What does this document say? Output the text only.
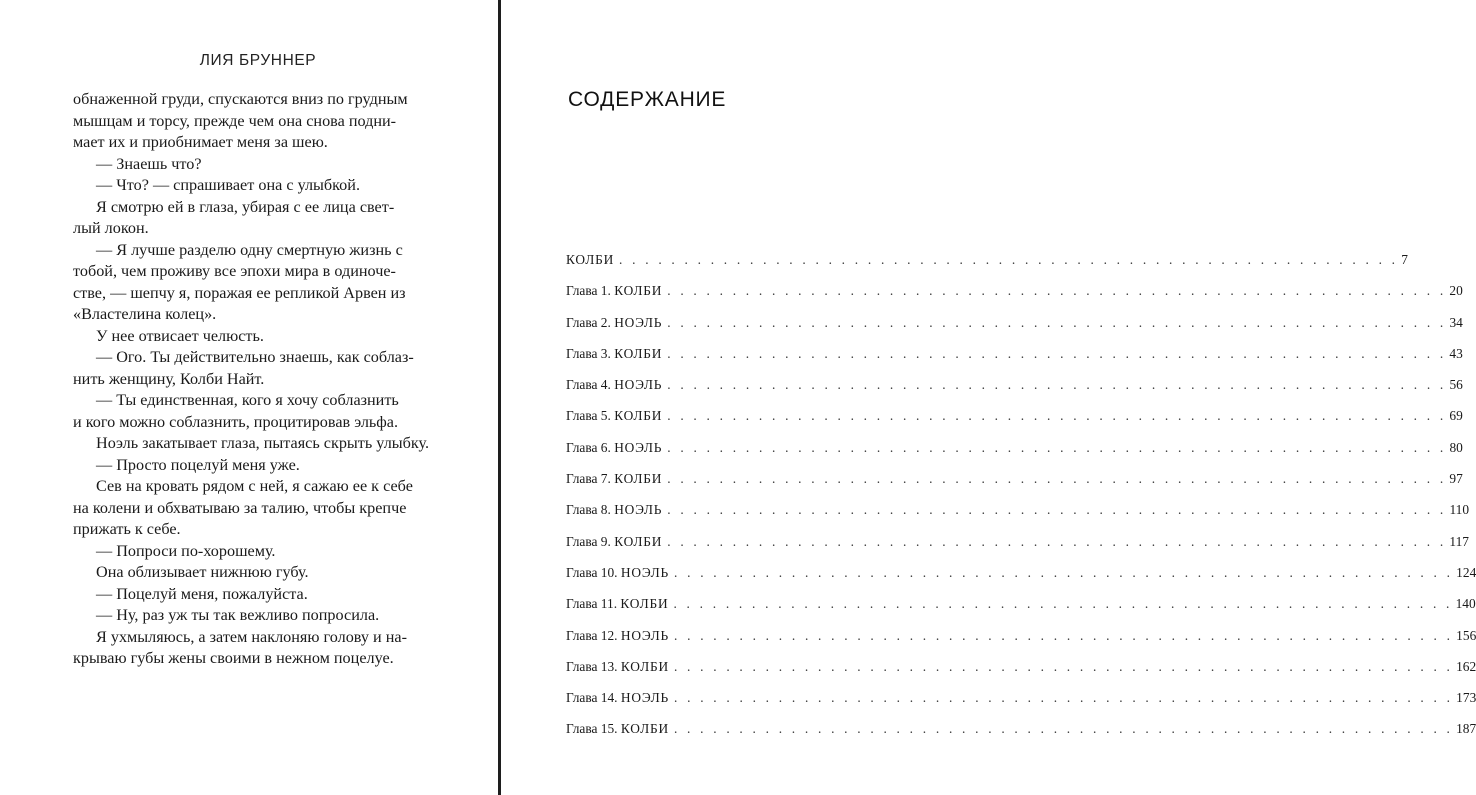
ЛИЯ БРУННЕР
обнаженной груди, спускаются вниз по грудным
мышцам и торсу, прежде чем она снова подни-
мает их и приобнимает меня за шею.
— Знаешь что?
— Что? — спрашивает она с улыбкой.
Я смотрю ей в глаза, убирая с ее лица свет-
лый локон.
— Я лучше разделю одну смертную жизнь с
тобой, чем проживу все эпохи мира в одиноче-
стве, — шепчу я, поражая ее репликой Арвен из
«Властелина колец».
У нее отвисает челюсть.
— Ого. Ты действительно знаешь, как соблаз-
нить женщину, Колби Найт.
— Ты единственная, кого я хочу соблазнить
и кого можно соблазнить, процитировав эльфа.
Ноэль закатывает глаза, пытаясь скрыть улыбку.
— Просто поцелуй меня уже.
Сев на кровать рядом с ней, я сажаю ее к себе
на колени и обхватываю за талию, чтобы крепче
прижать к себе.
— Попроси по-хорошему.
Она облизывает нижнюю губу.
— Поцелуй меня, пожалуйста.
— Ну, раз уж ты так вежливо попросила.
Я ухмыляюсь, а затем наклоняю голову и на-
крываю губы жены своими в нежном поцелуе.
СОДЕРЖАНИЕ
КОЛБИ . . . . . . . . . . . . . . . . . . . . . . . . . . . . . . . . . . . . . . . . . . . . . . . . . . . . . . . . . . . . 7
Глава 1. КОЛБИ . . . . . . . . . . . . . . . . . . . . . . . . . . . . . . . . . . . . . . . . . . . . . . . . . . . . . . . . . . . . 20
Глава 2. НОЭЛЬ . . . . . . . . . . . . . . . . . . . . . . . . . . . . . . . . . . . . . . . . . . . . . . . . . . . . . . . . . . . . 34
Глава 3. КОЛБИ . . . . . . . . . . . . . . . . . . . . . . . . . . . . . . . . . . . . . . . . . . . . . . . . . . . . . . . . . . . . 43
Глава 4. НОЭЛЬ . . . . . . . . . . . . . . . . . . . . . . . . . . . . . . . . . . . . . . . . . . . . . . . . . . . . . . . . . . . . 56
Глава 5. КОЛБИ . . . . . . . . . . . . . . . . . . . . . . . . . . . . . . . . . . . . . . . . . . . . . . . . . . . . . . . . . . . . 69
Глава 6. НОЭЛЬ . . . . . . . . . . . . . . . . . . . . . . . . . . . . . . . . . . . . . . . . . . . . . . . . . . . . . . . . . . . . 80
Глава 7. КОЛБИ . . . . . . . . . . . . . . . . . . . . . . . . . . . . . . . . . . . . . . . . . . . . . . . . . . . . . . . . . . . . 97
Глава 8. НОЭЛЬ . . . . . . . . . . . . . . . . . . . . . . . . . . . . . . . . . . . . . . . . . . . . . . . . . . . . . . . . . . . . 110
Глава 9. КОЛБИ . . . . . . . . . . . . . . . . . . . . . . . . . . . . . . . . . . . . . . . . . . . . . . . . . . . . . . . . . . . . 117
Глава 10. НОЭЛЬ . . . . . . . . . . . . . . . . . . . . . . . . . . . . . . . . . . . . . . . . . . . . . . . . . . . . . . . . . . . . 124
Глава 11. КОЛБИ . . . . . . . . . . . . . . . . . . . . . . . . . . . . . . . . . . . . . . . . . . . . . . . . . . . . . . . . . . . . 140
Глава 12. НОЭЛЬ . . . . . . . . . . . . . . . . . . . . . . . . . . . . . . . . . . . . . . . . . . . . . . . . . . . . . . . . . . . . 156
Глава 13. КОЛБИ . . . . . . . . . . . . . . . . . . . . . . . . . . . . . . . . . . . . . . . . . . . . . . . . . . . . . . . . . . . . 162
Глава 14. НОЭЛЬ . . . . . . . . . . . . . . . . . . . . . . . . . . . . . . . . . . . . . . . . . . . . . . . . . . . . . . . . . . . . 173
Глава 15. КОЛБИ . . . . . . . . . . . . . . . . . . . . . . . . . . . . . . . . . . . . . . . . . . . . . . . . . . . . . . . . . . . . 187
